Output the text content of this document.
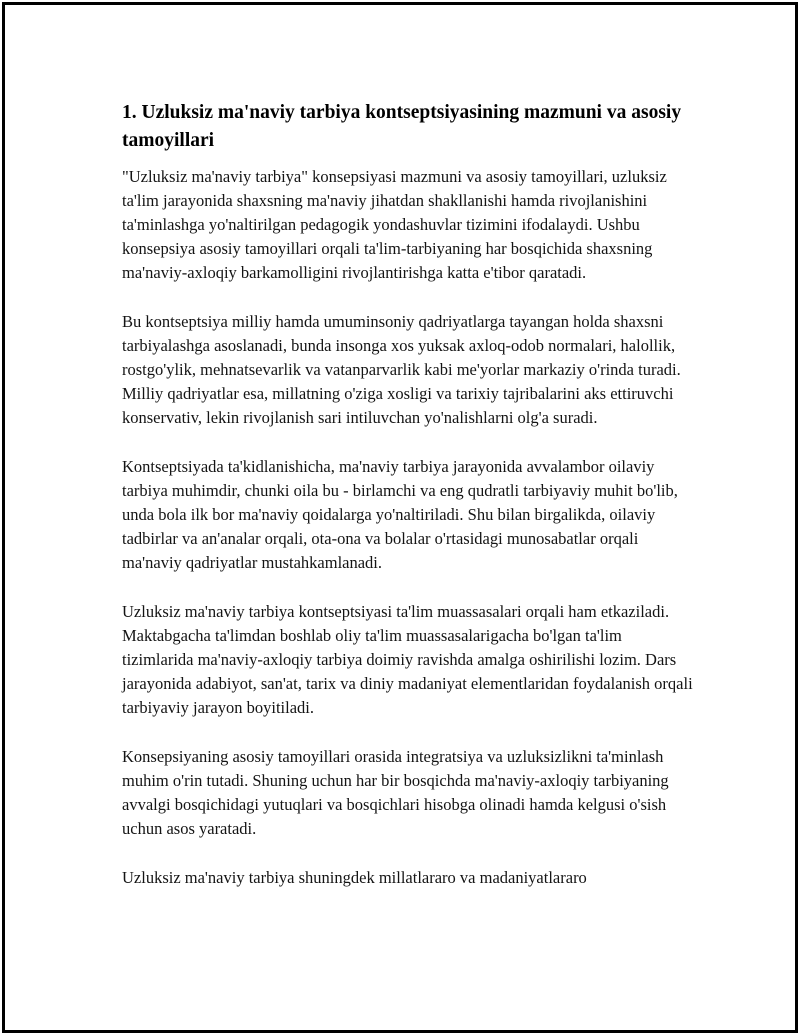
1. Uzluksiz ma'naviy tarbiya kontseptsiyasining mazmuni va asosiy tamoyillari

"Uzluksiz ma'naviy tarbiya" konsepsiyasi mazmuni va asosiy tamoyillari, uzluksiz ta'lim jarayonida shaxsning ma'naviy jihatdan shakllanishi hamda rivojlanishini ta'minlashga yo'naltirilgan pedagogik yondashuvlar tizimini ifodalaydi. Ushbu konsepsiya asosiy tamoyillari orqali ta'lim-tarbiyaning har bosqichida shaxsning ma'naviy-axloqiy barkamolligini rivojlantirishga katta e'tibor qaratadi.

Bu kontseptsiya milliy hamda umuminsoniy qadriyatlarga tayangan holda shaxsni tarbiyalashga asoslanadi, bunda insonga xos yuksak axloq-odob normalari, halollik, rostgo'ylik, mehnatsevarlik va vatanparvarlik kabi me'yorlar markaziy o'rinda turadi. Milliy qadriyatlar esa, millatning o'ziga xosligi va tarixiy tajribalarini aks ettiruvchi konservativ, lekin rivojlanish sari intiluvchan yo'nalishlarni olg'a suradi.

Kontseptsiyada ta'kidlanishicha, ma'naviy tarbiya jarayonida avvalambor oilaviy tarbiya muhimdir, chunki oila bu - birlamchi va eng qudratli tarbiyaviy muhit bo'lib, unda bola ilk bor ma'naviy qoidalarga yo'naltiriladi. Shu bilan birgalikda, oilaviy tadbirlar va an'analar orqali, ota-ona va bolalar o'rtasidagi munosabatlar orqali ma'naviy qadriyatlar mustahkamlanadi.

Uzluksiz ma'naviy tarbiya kontseptsiyasi ta'lim muassasalari orqali ham etkaziladi. Maktabgacha ta'limdan boshlab oliy ta'lim muassasalarigacha bo'lgan ta'lim tizimlarida ma'naviy-axloqiy tarbiya doimiy ravishda amalga oshirilishi lozim. Dars jarayonida adabiyot, san'at, tarix va diniy madaniyat elementlaridan foydalanish orqali tarbiyaviy jarayon boyitiladi.

Konsepsiyaning asosiy tamoyillari orasida integratsiya va uzluksizlikni ta'minlash muhim o'rin tutadi. Shuning uchun har bir bosqichda ma'naviy-axloqiy tarbiyaning avvalgi bosqichidagi yutuqlari va bosqichlari hisobga olinadi hamda kelgusi o'sish uchun asos yaratadi.

Uzluksiz ma'naviy tarbiya shuningdek millatlararo va madaniyatlararo
